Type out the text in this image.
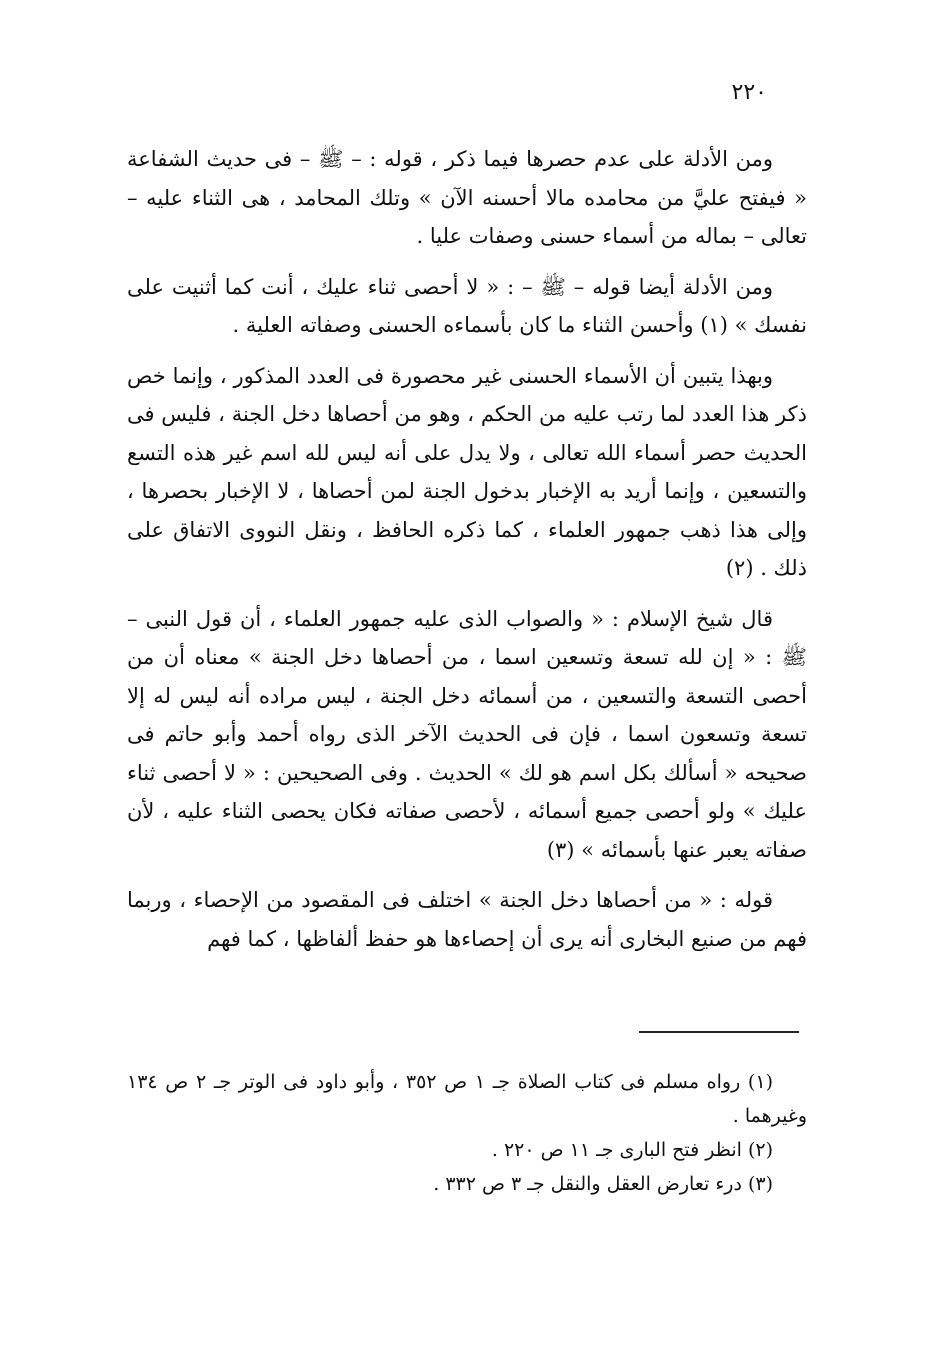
٢٢٠

ومن الأدلة على عدم حصرها فيما ذكر ، قوله : – ﷺ – فى حديث الشفاعة « فيفتح عليَّ من محامده مالا أحسنه الآن » وتلك المحامد ، هى الثناء عليه – تعالى – بماله من أسماء حسنى وصفات عليا .

ومن الأدلة أيضا قوله – ﷺ – : « لا أحصى ثناء عليك ، أنت كما أثنيت على نفسك » (١) وأحسن الثناء ما كان بأسماءه الحسنى وصفاته العلية .

وبهذا يتبين أن الأسماء الحسنى غير محصورة فى العدد المذكور ، وإنما خص ذكر هذا العدد لما رتب عليه من الحكم ، وهو من أحصاها دخل الجنة ، فليس فى الحديث حصر أسماء الله تعالى ، ولا يدل على أنه ليس لله اسم غير هذه التسع والتسعين ، وإنما أريد به الإخبار بدخول الجنة لمن أحصاها ، لا الإخبار بحصرها ، وإلى هذا ذهب جمهور العلماء ، كما ذكره الحافظ ، ونقل النووى الاتفاق على ذلك . (٢)

قال شيخ الإسلام : « والصواب الذى عليه جمهور العلماء ، أن قول النبى – ﷺ : « إن لله تسعة وتسعين اسما ، من أحصاها دخل الجنة » معناه أن من أحصى التسعة والتسعين ، من أسمائه دخل الجنة ، ليس مراده أنه ليس له إلا تسعة وتسعون اسما ، فإن فى الحديث الآخر الذى رواه أحمد وأبو حاتم فى صحيحه « أسألك بكل اسم هو لك » الحديث . وفى الصحيحين : « لا أحصى ثناء عليك » ولو أحصى جميع أسمائه ، لأحصى صفاته فكان يحصى الثناء عليه ، لأن صفاته يعبر عنها بأسمائه » (٣)

قوله : « من أحصاها دخل الجنة » اختلف فى المقصود من الإحصاء ، وربما فهم من صنيع البخارى أنه يرى أن إحصاءها هو حفظ ألفاظها ، كما فهم

(١) رواه مسلم فى كتاب الصلاة جـ ١ ص ٣٥٢ ، وأبو داود فى الوتر جـ ٢ ص ١٣٤ وغيرهما .

(٢) انظر فتح البارى جـ ١١ ص ٢٢٠ .

(٣) درء تعارض العقل والنقل جـ ٣ ص ٣٣٢ .
